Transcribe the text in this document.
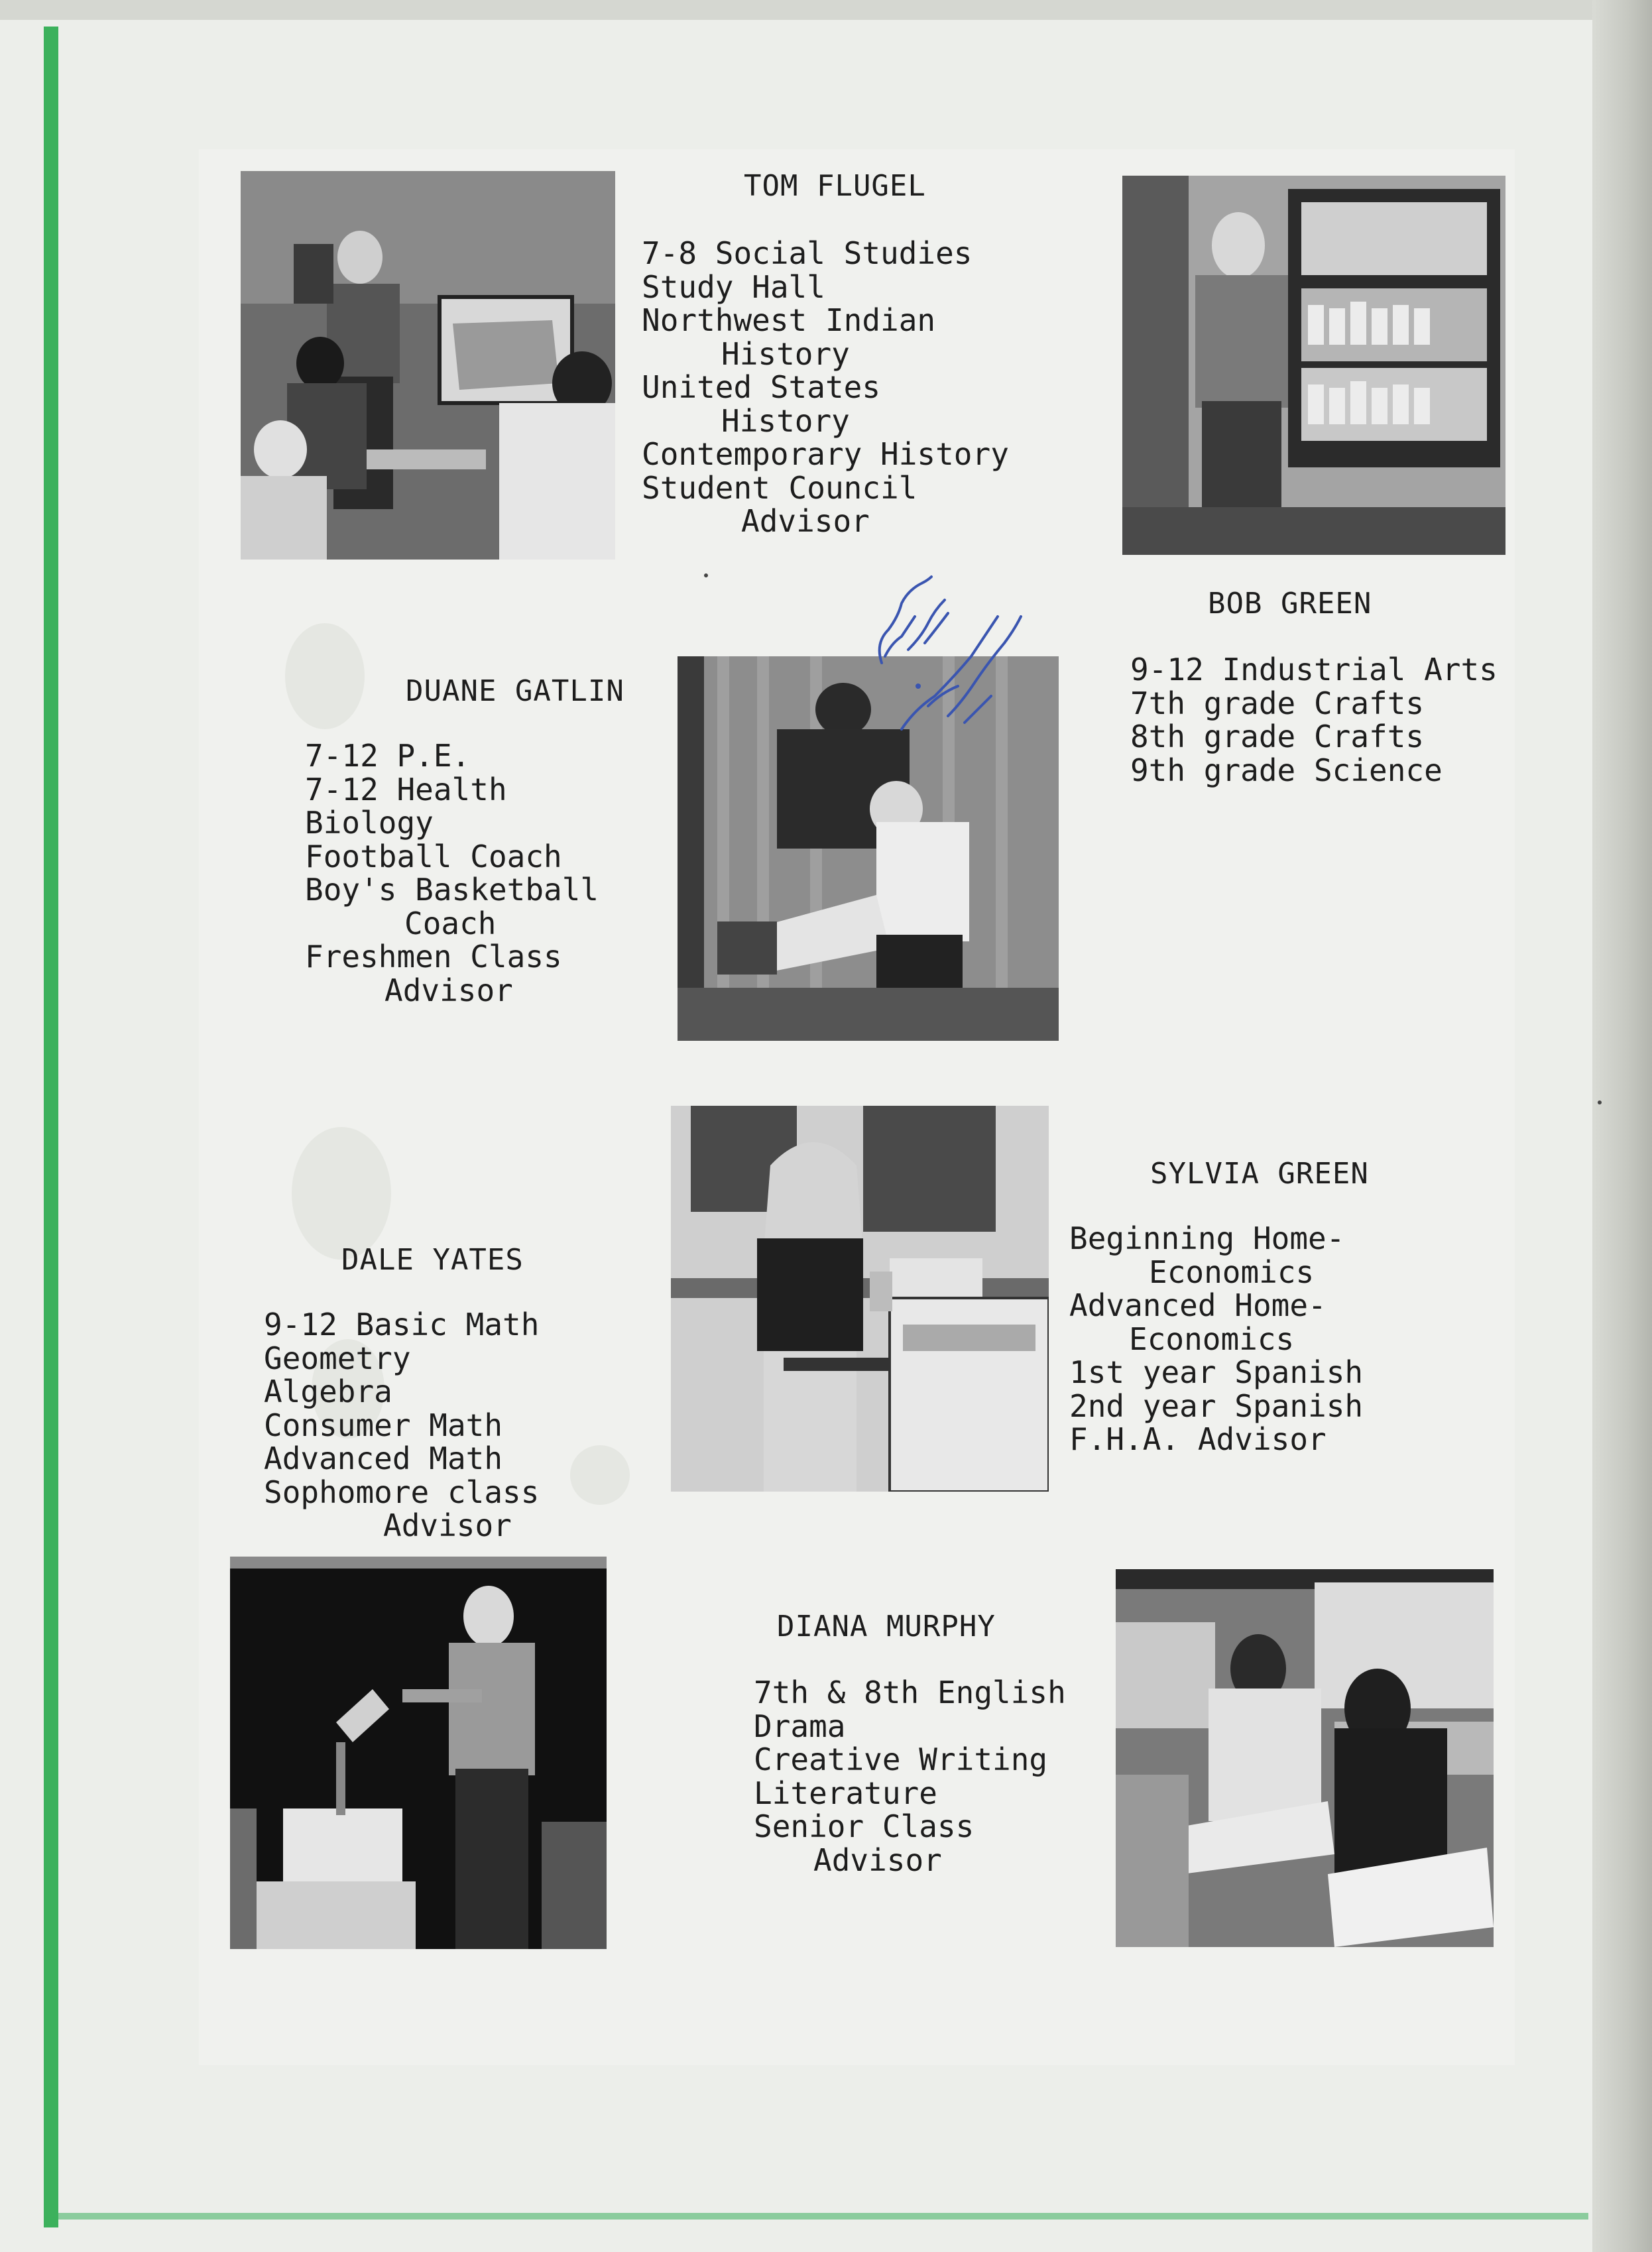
TOM FLUGEL
7-8 Social Studies
Study Hall
Northwest Indian
History
United States
History
Contemporary History
Student Council
Advisor
BOB GREEN
9-12 Industrial Arts
7th grade Crafts
8th grade Crafts
9th grade Science
DUANE GATLIN
7-12 P.E.
7-12 Health
Biology
Football Coach
Boy's Basketball
Coach
Freshmen Class
Advisor
SYLVIA GREEN
Beginning Home-
Economics
Advanced Home-
Economics
1st year Spanish
2nd year Spanish
F.H.A. Advisor
DALE YATES
9-12 Basic Math
Geometry
Algebra
Consumer Math
Advanced Math
Sophomore class
Advisor
DIANA MURPHY
7th & 8th English
Drama
Creative Writing
Literature
Senior Class
Advisor
